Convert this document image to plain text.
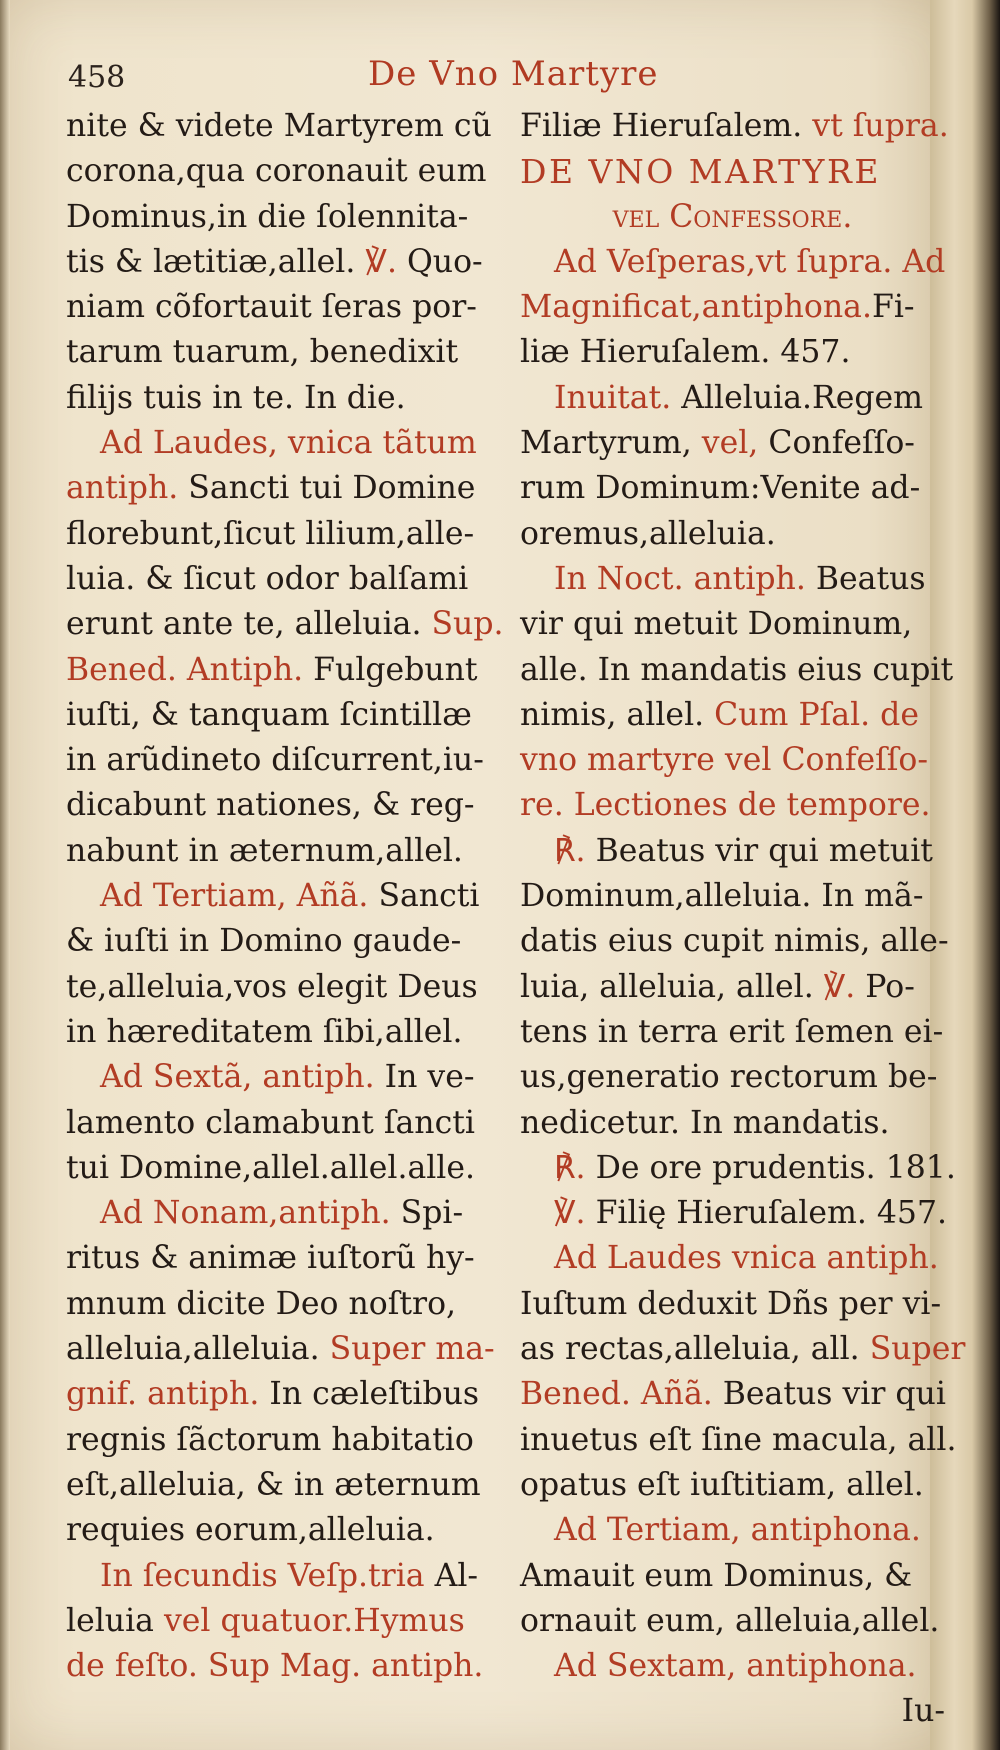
458	De Vno Martyre
nite & videte Martyrem cũ
corona,qua coronauit eum
Dominus,in die ſolennita-
tis & lætitiæ,allel. ℣. Quo-
niam cõfortauit ſeras por-
tarum tuarum, benedixit
filijs tuis in te. In die.
Ad Laudes, vnica tãtum
antiph. Sancti tui Domine
florebunt,ſicut lilium,alle-
luia. & ſicut odor balſami
erunt ante te, alleluia. Sup.
Bened. Antiph. Fulgebunt
iuſti, & tanquam ſcintillæ
in arũdineto diſcurrent,iu-
dicabunt nationes, & reg-
nabunt in æternum,allel.
Ad Tertiam, Añã. Sancti
& iuſti in Domino gaude-
te,alleluia,vos elegit Deus
in hæreditatem ſibi,allel.
Ad Sextã, antiph. In ve-
lamento clamabunt ſancti
tui Domine,allel.allel.alle.
Ad Nonam,antiph. Spi-
ritus & animæ iuſtorũ hy-
mnum dicite Deo noſtro,
alleluia,alleluia. Super ma-
gnif. antiph. In cæleſtibus
regnis ſãctorum habitatio
eſt,alleluia, & in æternum
requies eorum,alleluia.
In ſecundis Veſp.tria Al-
leluia vel quatuor.Hymus
de feſto. Sup Mag. antiph.
Filiæ Hieruſalem. vt ſupra.
DE VNO MARTYRE
vel Confessore.
Ad Veſperas,vt ſupra. Ad
Magnificat,antiphona.Fi-
liæ Hieruſalem. 457.
Inuitat. Alleluia.Regem
Martyrum, vel, Confeſſo-
rum Dominum:Venite ad-
oremus,alleluia.
In Noct. antiph. Beatus
vir qui metuit Dominum,
alle. In mandatis eius cupit
nimis, allel. Cum Pſal. de
vno martyre vel Confeſſo-
re. Lectiones de tempore.
℟. Beatus vir qui metuit
Dominum,alleluia. In mã-
datis eius cupit nimis, alle-
luia, alleluia, allel. ℣. Po-
tens in terra erit ſemen ei-
us,generatio rectorum be-
nedicetur. In mandatis.
℟. De ore prudentis. 181.
℣. Filię Hieruſalem. 457.
Ad Laudes vnica antiph.
Iuſtum deduxit Dñs per vi-
as rectas,alleluia, all. Super
Bened. Añã. Beatus vir qui
inuetus eſt ſine macula, all.
opatus eſt iuſtitiam, allel.
Ad Tertiam, antiphona.
Amauit eum Dominus, &
ornauit eum, alleluia,allel.
Ad Sextam, antiphona.
Iu-
